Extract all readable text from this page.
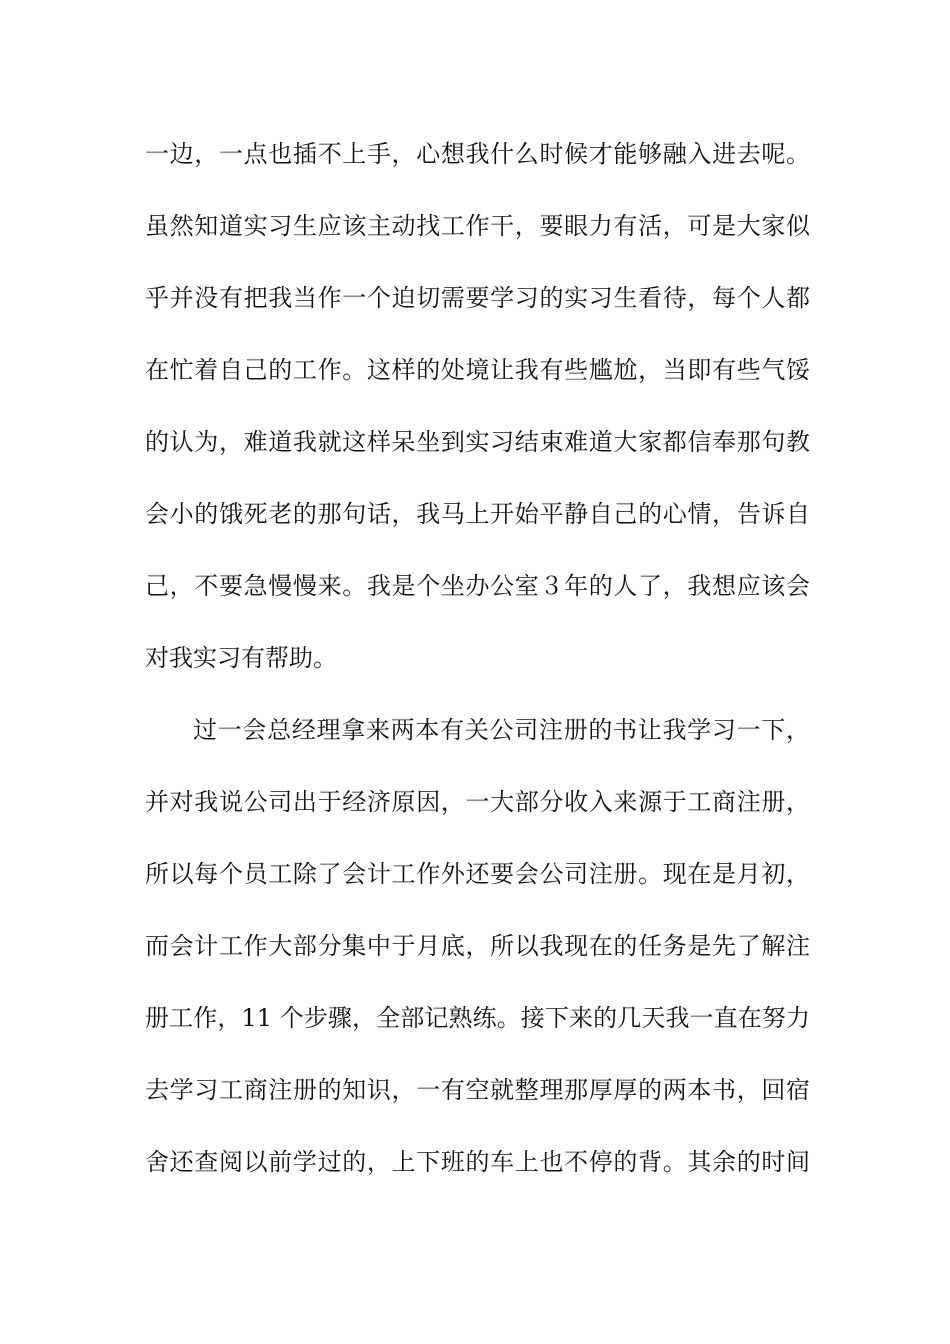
一边，一点也插不上手，心想我什么时候才能够融入进去呢。
虽然知道实习生应该主动找工作干，要眼力有活，可是大家似
乎并没有把我当作一个迫切需要学习的实习生看待，每个人都
在忙着自己的工作。这样的处境让我有些尴尬，当即有些气馁
的认为，难道我就这样呆坐到实习结束难道大家都信奉那句教
会小的饿死老的那句话，我马上开始平静自己的心情，告诉自
己，不要急慢慢来。我是个坐办公室３年的人了，我想应该会
对我实习有帮助。
过一会总经理拿来两本有关公司注册的书让我学习一下，
并对我说公司出于经济原因，一大部分收入来源于工商注册，
所以每个员工除了会计工作外还要会公司注册。现在是月初，
而会计工作大部分集中于月底，所以我现在的任务是先了解注
册工作，11 个步骤，全部记熟练。接下来的几天我一直在努力
去学习工商注册的知识，一有空就整理那厚厚的两本书，回宿
舍还查阅以前学过的，上下班的车上也不停的背。其余的时间
